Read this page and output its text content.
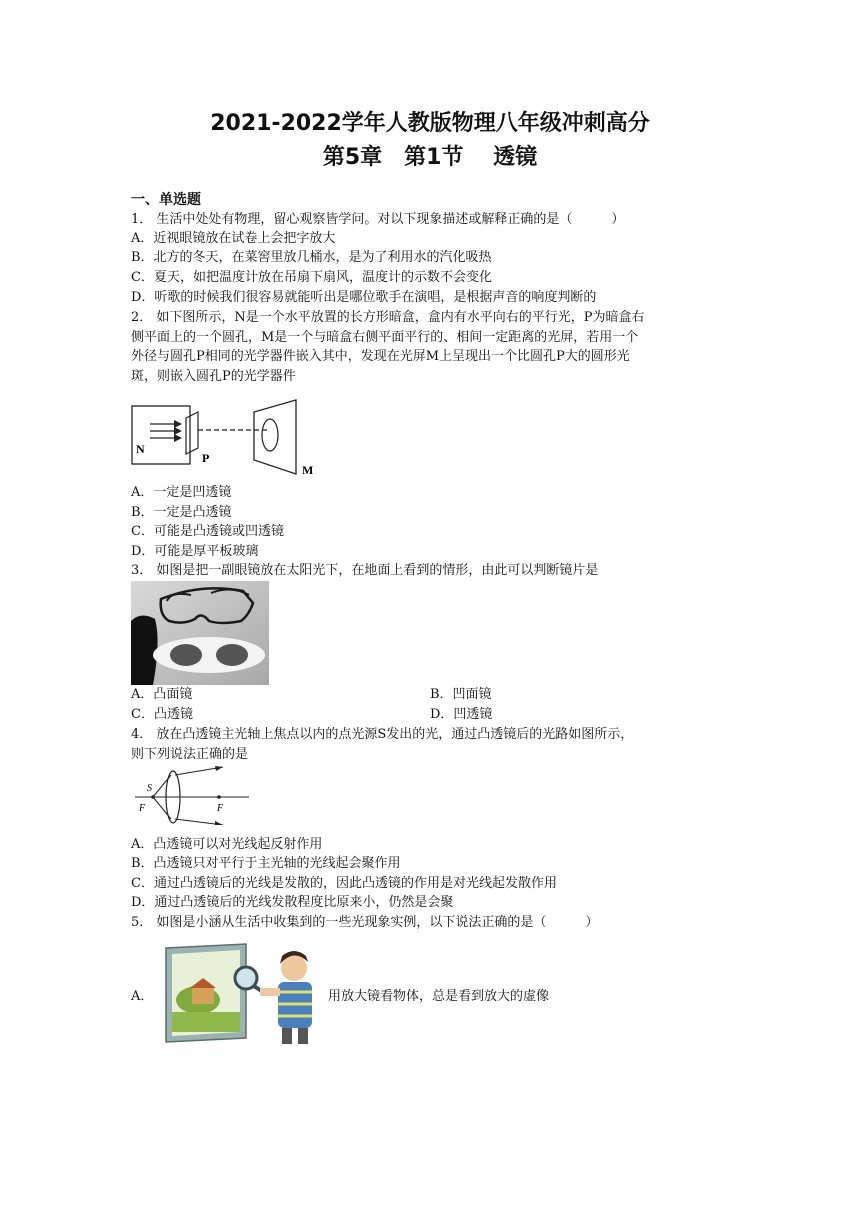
2021-2022学年人教版物理八年级冲刺高分
第5章　第1节　 透镜
一、单选题
1． 生活中处处有物理，留心观察皆学问。对以下现象描述或解释正确的是（　　　）
A．近视眼镜放在试卷上会把字放大
B．北方的冬天，在菜窖里放几桶水，是为了利用水的汽化吸热
C．夏天，如把温度计放在吊扇下扇风，温度计的示数不会变化
D．听歌的时候我们很容易就能听出是哪位歌手在演唱，是根据声音的响度判断的
2． 如下图所示，N是一个水平放置的长方形暗盒，盒内有水平向右的平行光，P为暗盒右
侧平面上的一个圆孔，M是一个与暗盒右侧平面平行的、相间一定距离的光屏，若用一个
外径与圆孔P相同的光学器件嵌入其中，发现在光屏M上呈现出一个比圆孔P大的圆形光
斑，则嵌入圆孔P的光学器件
N
P
M
A．一定是凹透镜
B．一定是凸透镜
C．可能是凸透镜或凹透镜
D．可能是厚平板玻璃
3． 如图是把一副眼镜放在太阳光下，在地面上看到的情形，由此可以判断镜片是
A．凸面镜	B．凹面镜
C．凸透镜	D．凹透镜
4． 放在凸透镜主光轴上焦点以内的点光源S发出的光，通过凸透镜后的光路如图所示，
则下列说法正确的是
S
F	F
A．凸透镜可以对光线起反射作用
B．凸透镜只对平行于主光轴的光线起会聚作用
C．通过凸透镜后的光线是发散的，因此凸透镜的作用是对光线起发散作用
D．通过凸透镜后的光线发散程度比原来小，仍然是会聚
5． 如图是小涵从生活中收集到的一些光现象实例，以下说法正确的是（　　　）
A．	用放大镜看物体，总是看到放大的虚像
